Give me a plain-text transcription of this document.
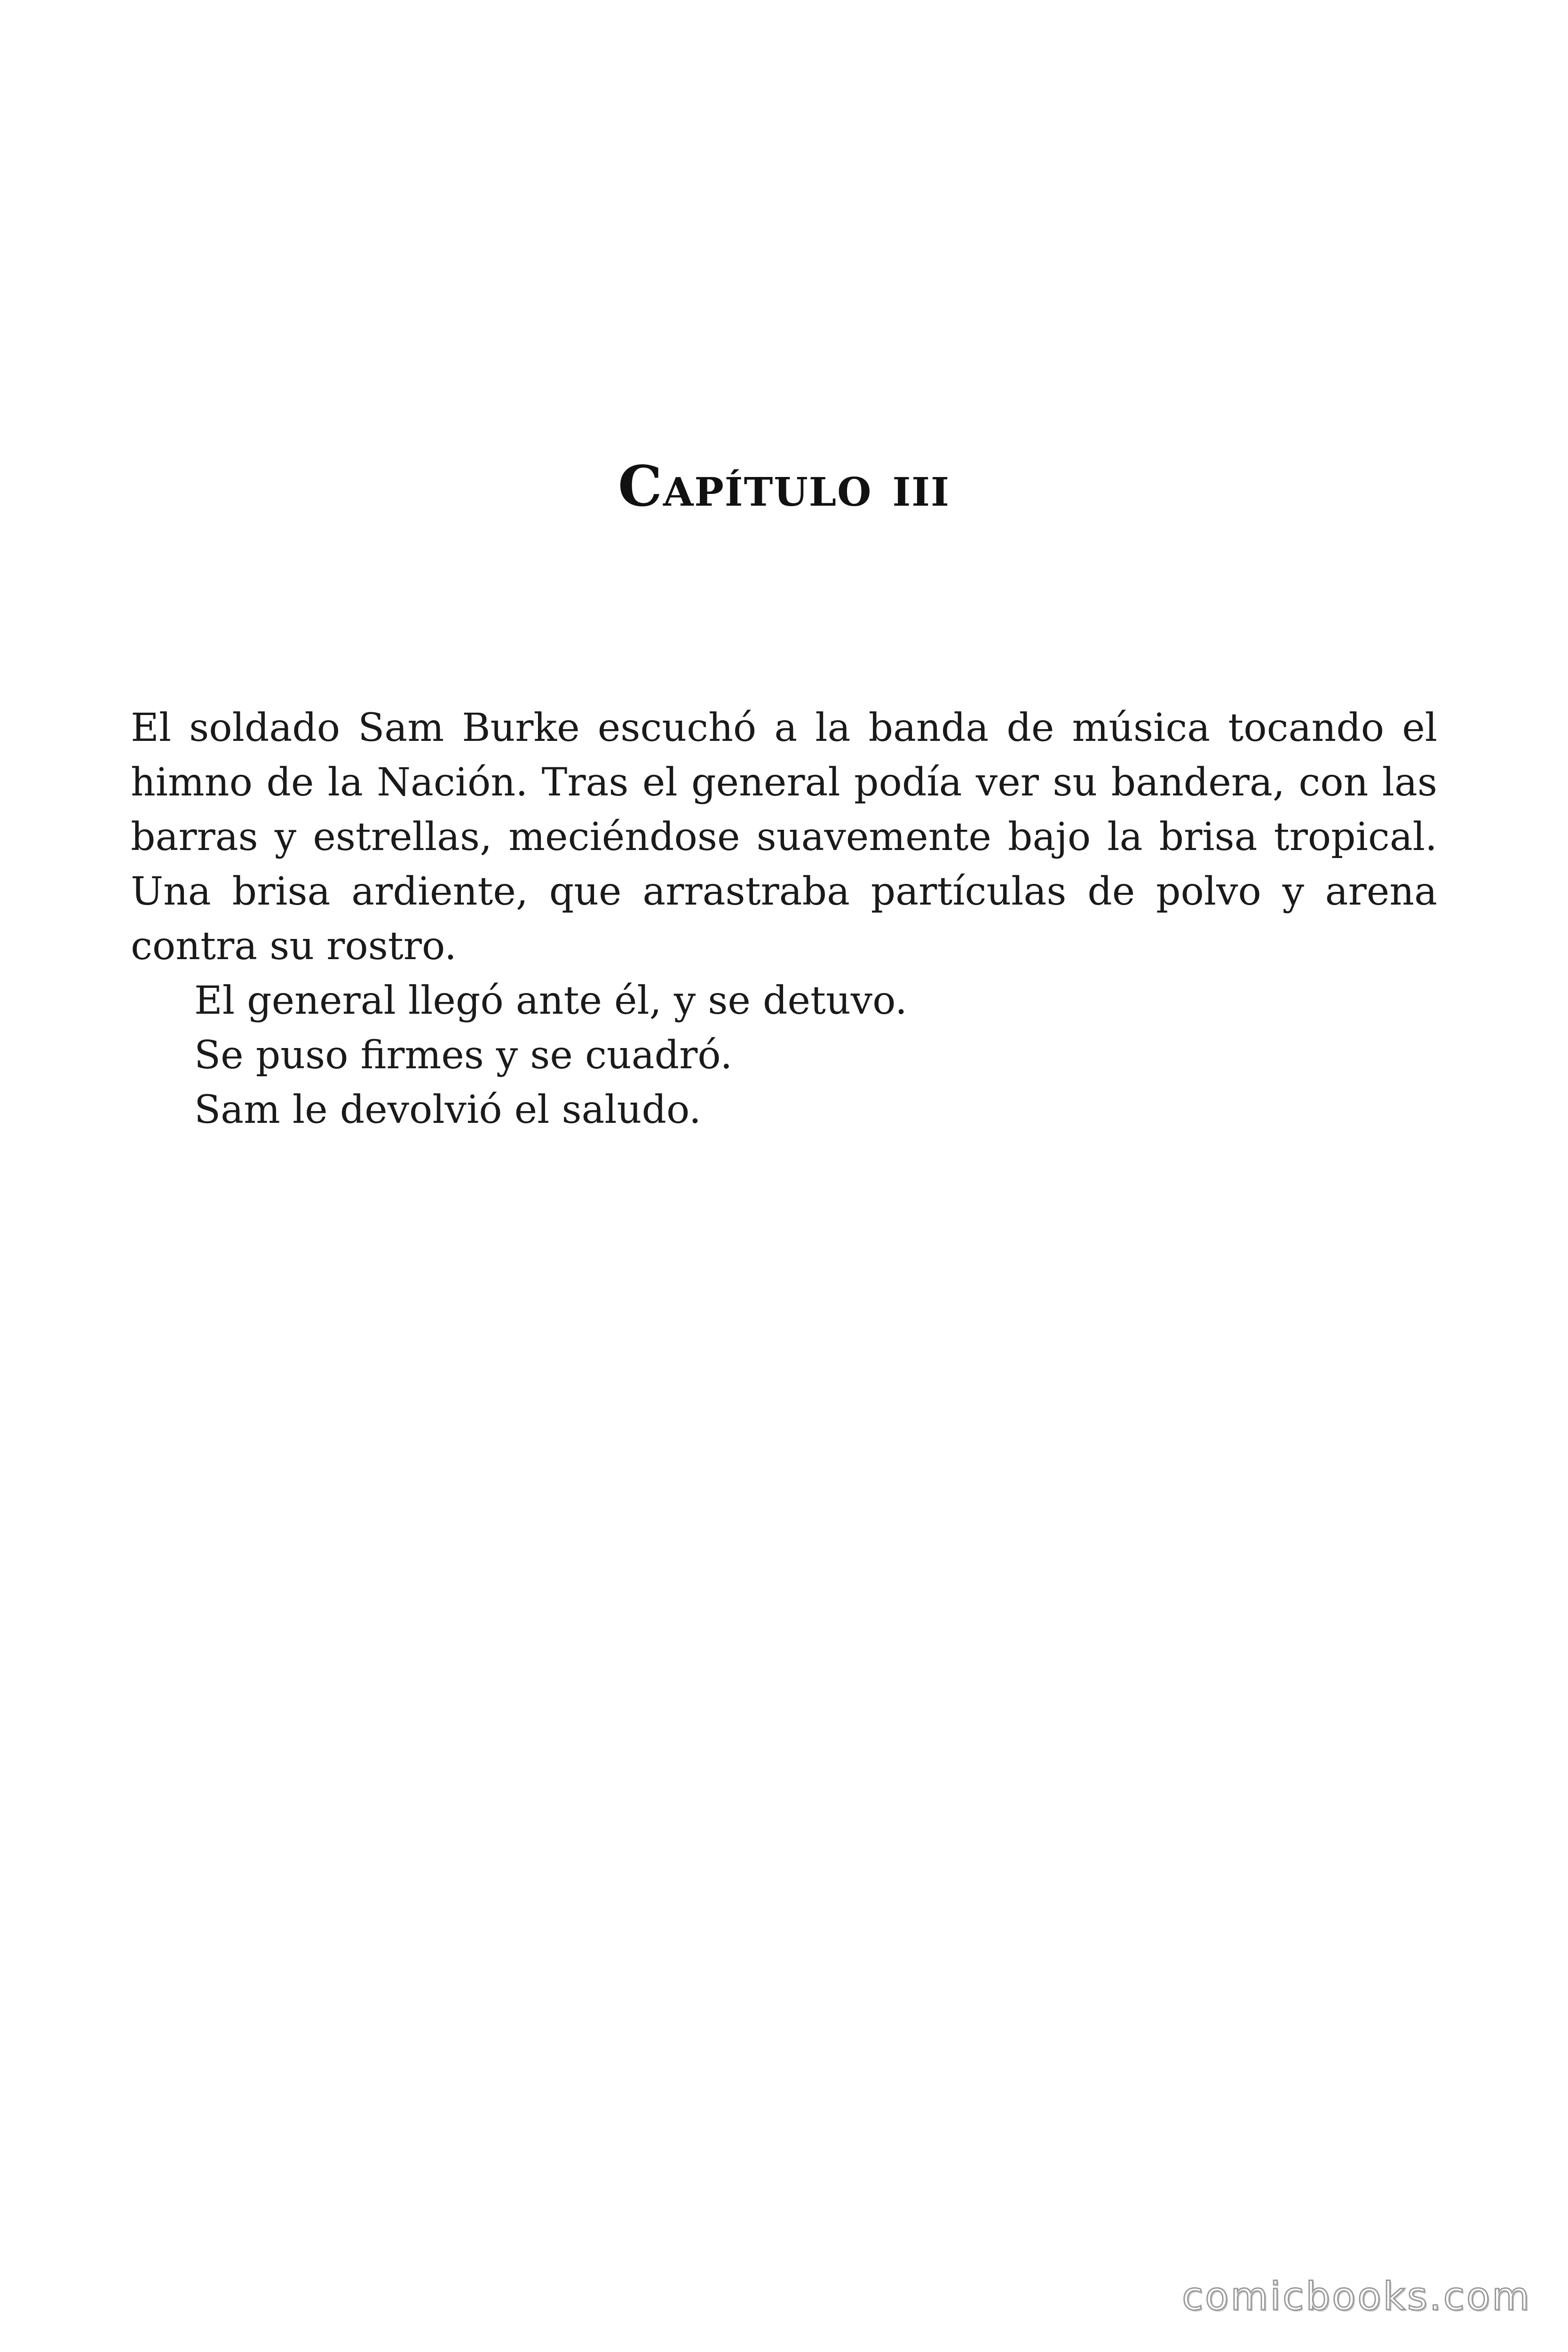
Capítulo iii

El soldado Sam Burke escuchó a la banda de música tocando el himno de la Nación. Tras el general podía ver su bandera, con las barras y estrellas, meciéndose suavemente bajo la brisa tropical. Una brisa ardiente, que arrastraba partículas de polvo y arena contra su rostro.

El general llegó ante él, y se detuvo.

Se puso firmes y se cuadró.

Sam le devolvió el saludo.

comicbooks.com
